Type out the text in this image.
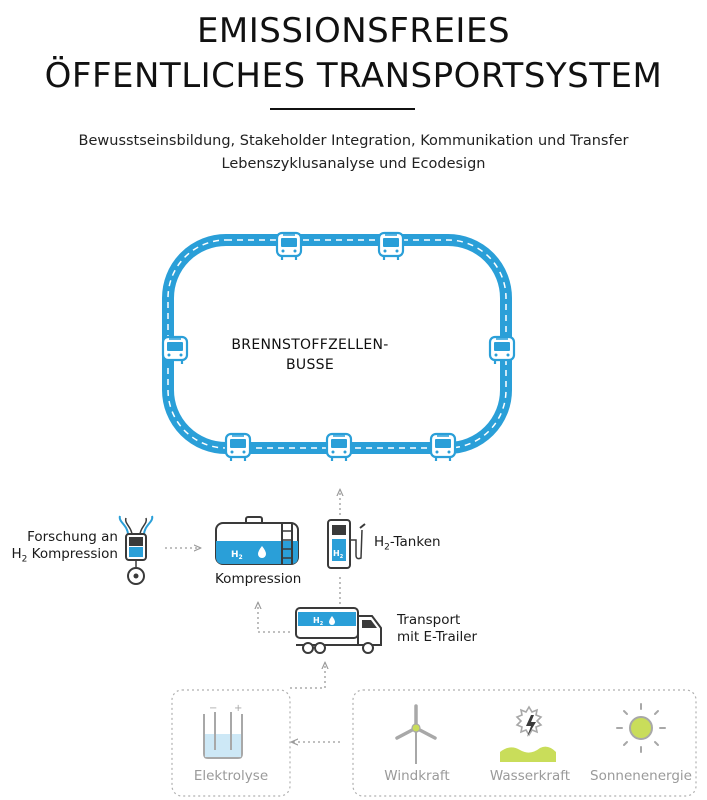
EMISSIONSFREIES
ÖFFENTLICHES TRANSPORTSYSTEM
Bewusstseinsbildung, Stakeholder Integration, Kommunikation und Transfer
Lebenszyklusanalyse und Ecodesign
$H_2$	$H_2$
$H_2$
− +
BRENNSTOFFZELLEN-
BUSSE
Forschung an
$H_2$ Kompression
Kompression
$H_2$-Tanken
Transport
mit E-Trailer
Elektrolyse	Windkraft	Wasserkraft	Sonnenenergie
